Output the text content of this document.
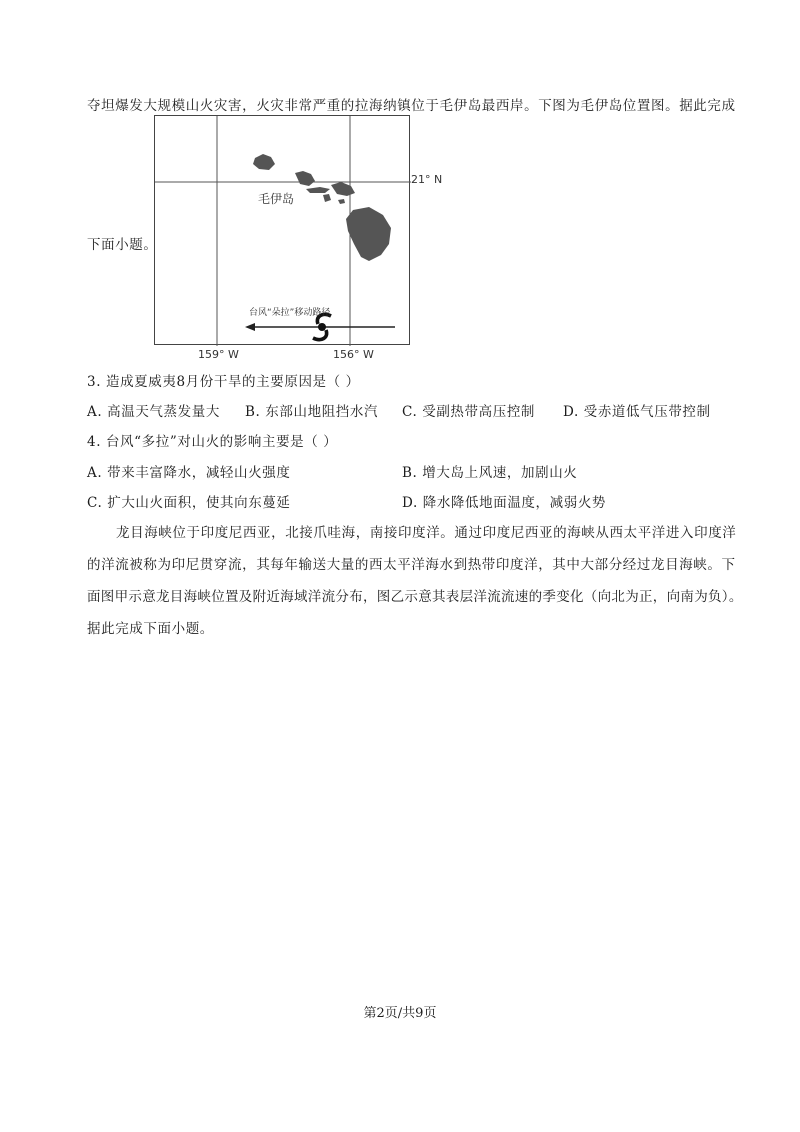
夺坦爆发大规模山火灾害，火灾非常严重的拉海纳镇位于毛伊岛最西岸。下图为毛伊岛位置图。据此完成
毛伊岛
台风“朵拉”移动路径
21° N
159° W	156° W
下面小题。
3. 造成夏威夷8月份干旱的主要原因是（ ）
A. 高温天气蒸发量大 B. 东部山地阻挡水汽 C. 受副热带高压控制 D. 受赤道低气压带控制
4. 台风“多拉”对山火的影响主要是（ ）
A. 带来丰富降水，减轻山火强度	B. 增大岛上风速，加剧山火
C. 扩大山火面积，使其向东蔓延	D. 降水降低地面温度，减弱火势
龙目海峡位于印度尼西亚，北接爪哇海，南接印度洋。通过印度尼西亚的海峡从西太平洋进入印度洋
的洋流被称为印尼贯穿流，其每年输送大量的西太平洋海水到热带印度洋，其中大部分经过龙目海峡。下
面图甲示意龙目海峡位置及附近海域洋流分布，图乙示意其表层洋流流速的季变化（向北为正，向南为负）。
据此完成下面小题。
第2页/共9页
